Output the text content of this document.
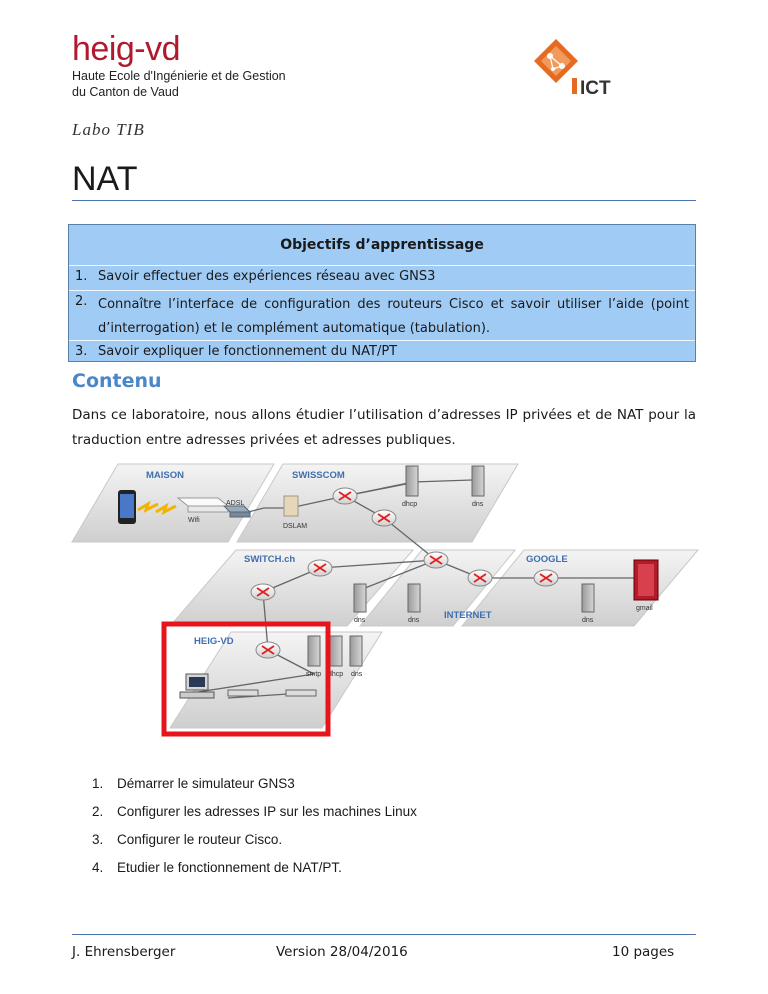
heig-vd
Haute Ecole d'Ingénierie et de Gestion
du Canton de Vaud	ICT
Labo TIB
NAT
Objectifs d’apprentissage
1. Savoir effectuer des expériences réseau avec GNS3
2. Connaître l’interface de configuration des routeurs Cisco et savoir utiliser l’aide (point d’interrogation) et le complément automatique (tabulation).
3. Savoir expliquer le fonctionnement du NAT/PT
Contenu
Dans ce laboratoire, nous allons étudier l’utilisation d’adresses IP privées et de NAT pour la traduction entre adresses privées et adresses publiques.
MAISON	SWISSCOM
SWITCH.ch	GOOGLE
HEIG-VD
INTERNET
Wifi
ADSL
DSLAM
dhcp	dns
dns	dns	dns
gmail
smtp dhcp dns
1. Démarrer le simulateur GNS3
2. Configurer les adresses IP sur les machines Linux
3. Configurer le routeur Cisco.
4. Etudier le fonctionnement de NAT/PT.
J. Ehrensberger	Version 28/04/2016	10 pages
